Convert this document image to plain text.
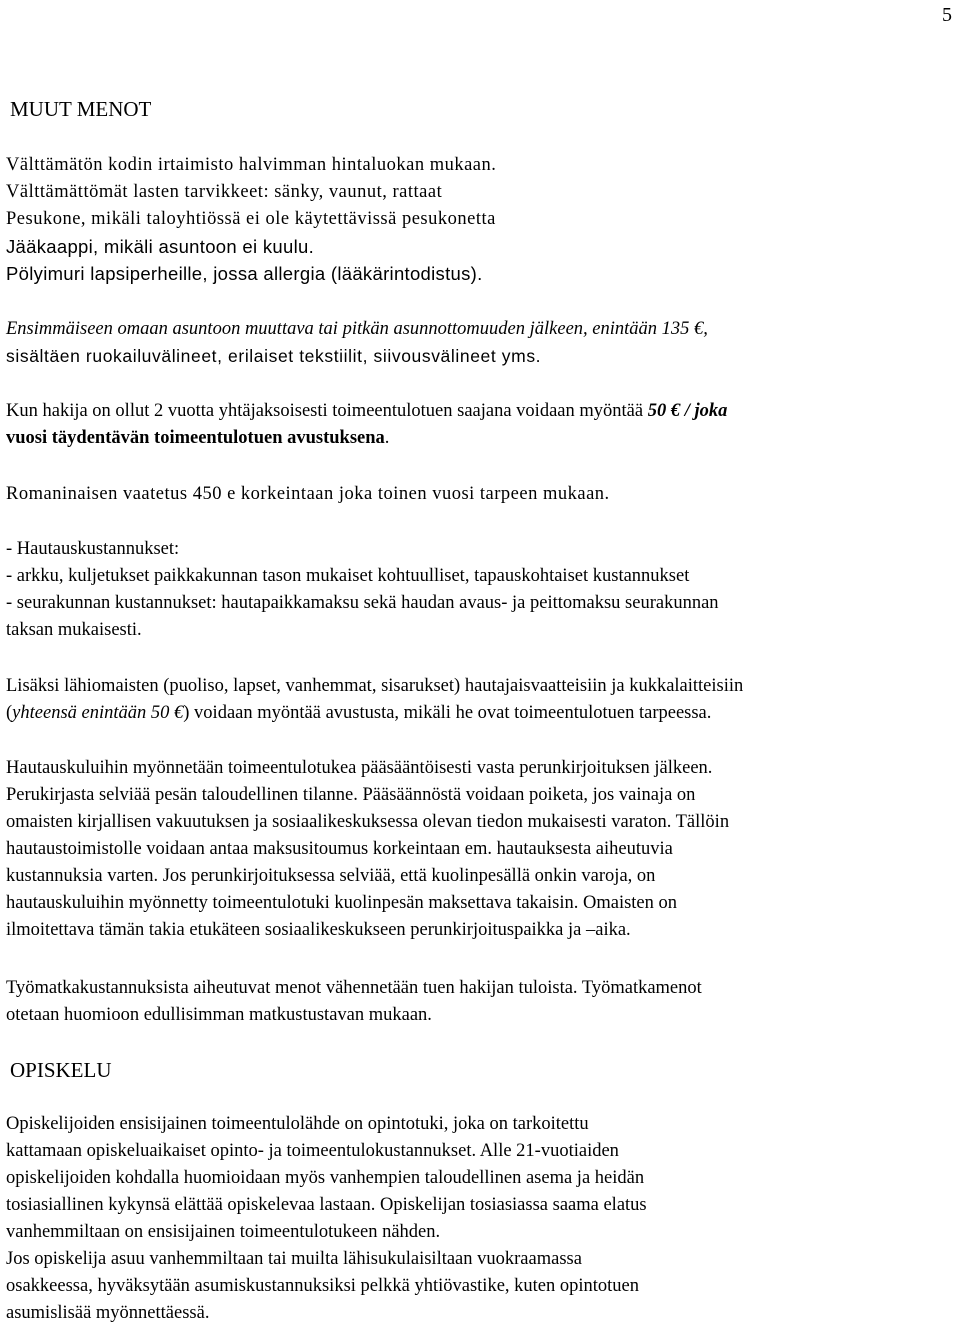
5
MUUT MENOT
Välttämätön kodin irtaimisto halvimman hintaluokan mukaan.
Välttämättömät lasten tarvikkeet: sänky, vaunut, rattaat
Pesukone, mikäli taloyhtiössä ei ole käytettävissä pesukonetta
Jääkaappi, mikäli asuntoon ei kuulu.
Pölyimuri lapsiperheille, jossa allergia (lääkärintodistus).
Ensimmäiseen omaan asuntoon muuttava tai pitkän asunnottomuuden jälkeen, enintään 135 €,
sisältäen ruokailuvälineet, erilaiset tekstiilit, siivousvälineet yms.
Kun hakija on ollut 2 vuotta yhtäjaksoisesti toimeentulotuen saajana voidaan myöntää 50 € / joka
vuosi täydentävän toimeentulotuen avustuksena.
Romaninaisen vaatetus 450 e korkeintaan joka toinen vuosi tarpeen mukaan.
- Hautauskustannukset:
- arkku, kuljetukset paikkakunnan tason mukaiset kohtuulliset, tapauskohtaiset kustannukset
- seurakunnan kustannukset: hautapaikkamaksu sekä haudan avaus- ja peittomaksu seurakunnan
taksan mukaisesti.
Lisäksi lähiomaisten (puoliso, lapset, vanhemmat, sisarukset) hautajaisvaatteisiin ja kukkalaitteisiin
(yhteensä enintään 50 €) voidaan myöntää avustusta, mikäli he ovat toimeentulotuen tarpeessa.
Hautauskuluihin myönnetään toimeentulotukea pääsääntöisesti vasta perunkirjoituksen jälkeen.
Perukirjasta selviää pesän taloudellinen tilanne. Pääsäännöstä voidaan poiketa, jos vainaja on
omaisten kirjallisen vakuutuksen ja sosiaalikeskuksessa olevan tiedon mukaisesti varaton. Tällöin
hautaustoimistolle voidaan antaa maksusitoumus korkeintaan em. hautauksesta aiheutuvia
kustannuksia varten. Jos perunkirjoituksessa selviää, että kuolinpesällä onkin varoja, on
hautauskuluihin myönnetty toimeentulotuki kuolinpesän maksettava takaisin. Omaisten on
ilmoitettava tämän takia etukäteen sosiaalikeskukseen perunkirjoituspaikka ja –aika.
Työmatkakustannuksista aiheutuvat menot vähennetään tuen hakijan tuloista. Työmatkamenot
otetaan huomioon edullisimman matkustustavan mukaan.
OPISKELU
Opiskelijoiden ensisijainen toimeentulolähde on opintotuki, joka on tarkoitettu
kattamaan opiskeluaikaiset opinto- ja toimeentulokustannukset. Alle 21-vuotiaiden
opiskelijoiden kohdalla huomioidaan myös vanhempien taloudellinen asema ja heidän
tosiasiallinen kykynsä elättää opiskelevaa lastaan. Opiskelijan tosiasiassa saama elatus
vanhemmiltaan on ensisijainen toimeentulotukeen nähden.
Jos opiskelija asuu vanhemmiltaan tai muilta lähisukulaisiltaan vuokraamassa
osakkeessa, hyväksytään asumiskustannuksiksi pelkkä yhtiövastike, kuten opintotuen
asumislisää myönnettäessä.
